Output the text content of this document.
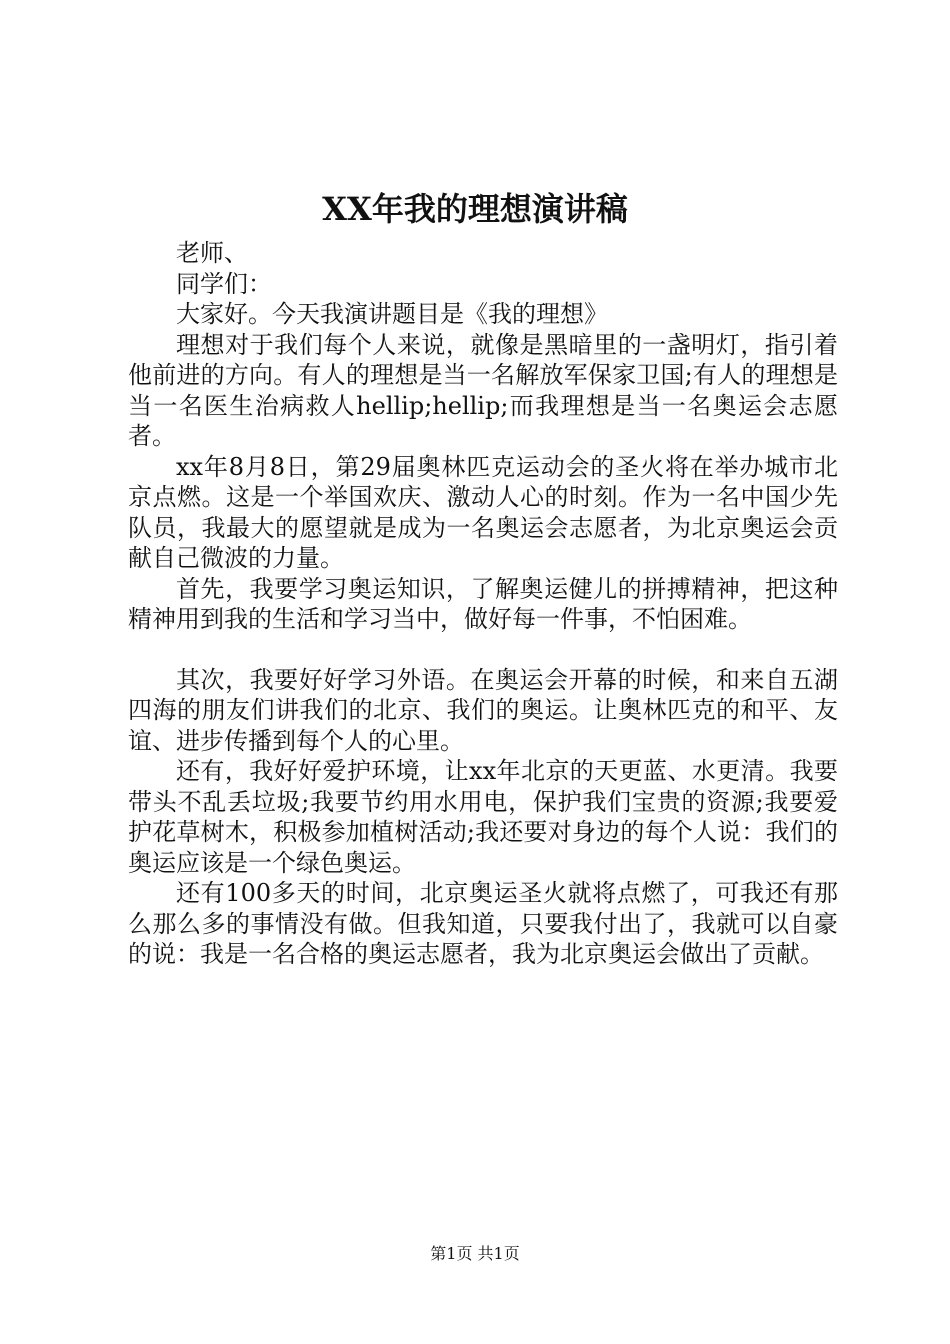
XX年我的理想演讲稿

老师、

同学们：

大家好。今天我演讲题目是《我的理想》

理想对于我们每个人来说，就像是黑暗里的一盏明灯，指引着他前进的方向。有人的理想是当一名解放军保家卫国;有人的理想是当一名医生治病救人hellip;hellip;而我理想是当一名奥运会志愿者。

xx年8月8日，第29届奥林匹克运动会的圣火将在举办城市北京点燃。这是一个举国欢庆、激动人心的时刻。作为一名中国少先队员，我最大的愿望就是成为一名奥运会志愿者，为北京奥运会贡献自己微波的力量。

首先，我要学习奥运知识，了解奥运健儿的拼搏精神，把这种精神用到我的生活和学习当中，做好每一件事，不怕困难。

其次，我要好好学习外语。在奥运会开幕的时候，和来自五湖四海的朋友们讲我们的北京、我们的奥运。让奥林匹克的和平、友谊、进步传播到每个人的心里。

还有，我好好爱护环境，让xx年北京的天更蓝、水更清。我要带头不乱丢垃圾;我要节约用水用电，保护我们宝贵的资源;我要爱护花草树木，积极参加植树活动;我还要对身边的每个人说：我们的奥运应该是一个绿色奥运。

还有100多天的时间，北京奥运圣火就将点燃了，可我还有那么那么多的事情没有做。但我知道，只要我付出了，我就可以自豪的说：我是一名合格的奥运志愿者，我为北京奥运会做出了贡献。

第1页 共1页
